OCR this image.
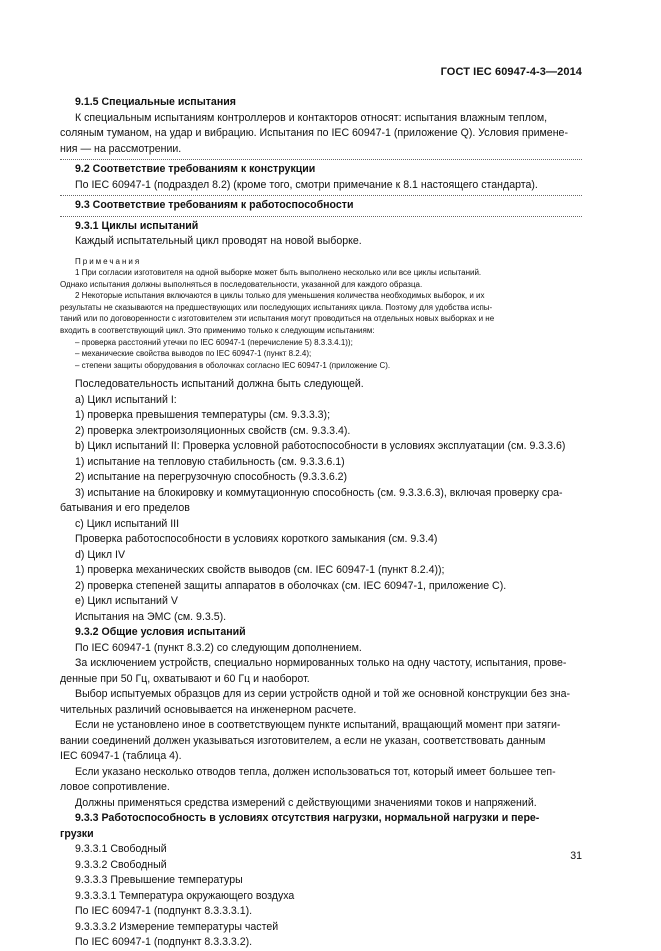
ГОСТ IEC 60947-4-3—2014
9.1.5 Специальные испытания
К специальным испытаниям контроллеров и контакторов относят: испытания влажным теплом,
соляным туманом, на удар и вибрацию. Испытания по IEC 60947-1 (приложение Q). Условия примене-
ния — на рассмотрении.
9.2 Соответствие требованиям к конструкции
По IEC 60947-1 (подраздел 8.2) (кроме того, смотри примечание к 8.1 настоящего стандарта).
9.3 Соответствие требованиям к работоспособности
9.3.1 Циклы испытаний
Каждый испытательный цикл проводят на новой выборке.
Примечания
1 При согласии изготовителя на одной выборке может быть выполнено несколько или все циклы испытаний.
Однако испытания должны выполняться в последовательности, указанной для каждого образца.
2 Некоторые испытания включаются в циклы только для уменьшения количества необходимых выборок, и их
результаты не сказываются на предшествующих или последующих испытаниях цикла. Поэтому для удобства испы-
таний или по договоренности с изготовителем эти испытания могут проводиться на отдельных новых выборках и не
входить в соответствующий цикл. Это применимо только к следующим испытаниям:
– проверка расстояний утечки по IEC 60947-1 (перечисление 5) 8.3.3.4.1));
– механические свойства выводов по IEC 60947-1 (пункт 8.2.4);
– степени защиты оборудования в оболочках согласно IEC 60947-1 (приложение С).
Последовательность испытаний должна быть следующей.
a) Цикл испытаний I:
1) проверка превышения температуры (см. 9.3.3.3);
2) проверка электроизоляционных свойств (см. 9.3.3.4).
b) Цикл испытаний II: Проверка условной работоспособности в условиях эксплуатации (см. 9.3.3.6)
1) испытание на тепловую стабильность (см. 9.3.3.6.1)
2) испытание на перегрузочную способность (9.3.3.6.2)
3) испытание на блокировку и коммутационную способность (см. 9.3.3.6.3), включая проверку сра-
батывания и его пределов
c) Цикл испытаний III
Проверка работоспособности в условиях короткого замыкания (см. 9.3.4)
d) Цикл IV
1) проверка механических свойств выводов (см. IEC 60947-1 (пункт 8.2.4));
2) проверка степеней защиты аппаратов в оболочках (см. IEC 60947-1, приложение С).
e) Цикл испытаний V
Испытания на ЭМС (см. 9.3.5).
9.3.2 Общие условия испытаний
По IEC 60947-1 (пункт 8.3.2) со следующим дополнением.
За исключением устройств, специально нормированных только на одну частоту, испытания, прове-
денные при 50 Гц, охватывают и 60 Гц и наоборот.
Выбор испытуемых образцов для из серии устройств одной и той же основной конструкции без зна-
чительных различий основывается на инженерном расчете.
Если не установлено иное в соответствующем пункте испытаний, вращающий момент при затяги-
вании соединений должен указываться изготовителем, а если не указан, соответствовать данным
IEC 60947-1 (таблица 4).
Если указано несколько отводов тепла, должен использоваться тот, который имеет большее теп-
ловое сопротивление.
Должны применяться средства измерений с действующими значениями токов и напряжений.
9.3.3 Работоспособность в условиях отсутствия нагрузки, нормальной нагрузки и пере-
грузки
9.3.3.1 Свободный
9.3.3.2 Свободный
9.3.3.3 Превышение температуры
9.3.3.3.1 Температура окружающего воздуха
По IEC 60947-1 (подпункт 8.3.3.3.1).
9.3.3.3.2 Измерение температуры частей
По IEC 60947-1 (подпункт 8.3.3.3.2).
31
